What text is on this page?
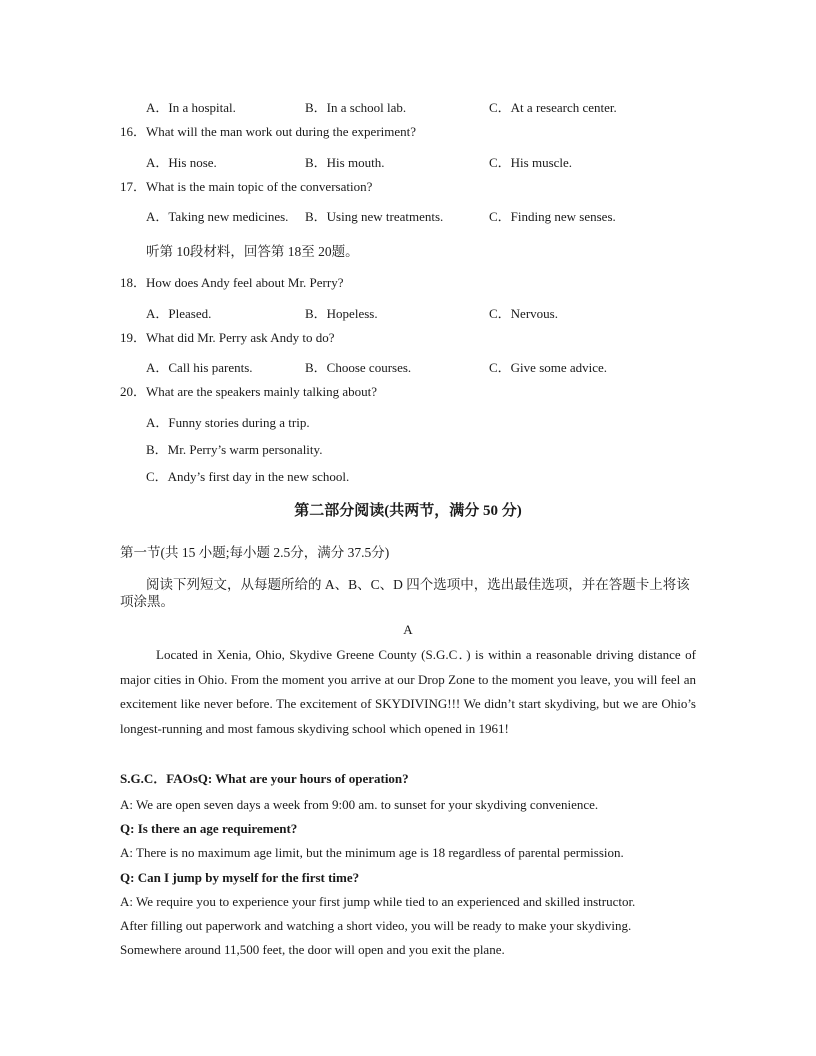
A．In a hospital.	B．In a school lab.	C．At a research center.
16．What will the man work out during the experiment?
A．His nose.	B．His mouth.	C．His muscle.
17．What is the main topic of the conversation?
A．Taking new medicines. B．Using new treatments.	C．Finding new senses.
听第 10段材料，回答第 18至 20题。
18．How does Andy feel about Mr. Perry?
A．Pleased.	B．Hopeless.	C．Nervous.
19．What did Mr. Perry ask Andy to do?
A．Call his parents.	B．Choose courses.	C．Give some advice.
20．What are the speakers mainly talking about?
A．Funny stories during a trip.
B．Mr. Perry’s warm personality.
C．Andy’s first day in the new school.
第二部分阅读(共两节，满分 50 分)
第一节(共 15 小题;每小题 2.5分，满分 37.5分)
阅读下列短文，从每题所给的 A、B、C、D 四个选项中，选出最佳选项，并在答题卡上将该项涂黑。
A
Located in Xenia, Ohio, Skydive Greene County (S.G.C．) is within a reasonable driving distance of major cities in Ohio. From the moment you arrive at our Drop Zone to the moment you leave, you will feel an excitement like never before. The excitement of SKYDIVING!!! We didn’t start skydiving, but we are Ohio’s longest-running and most famous skydiving school which opened in 1961!
S.G.C．FAOsQ: What are your hours of operation?
A: We are open seven days a week from 9:00 am. to sunset for your skydiving convenience.
Q: Is there an age requirement?
A: There is no maximum age limit, but the minimum age is 18 regardless of parental permission.
Q: Can I jump by myself for the first time?
A: We require you to experience your first jump while tied to an experienced and skilled instructor.
After filling out paperwork and watching a short video, you will be ready to make your skydiving.
Somewhere around 11,500 feet, the door will open and you exit the plane.
